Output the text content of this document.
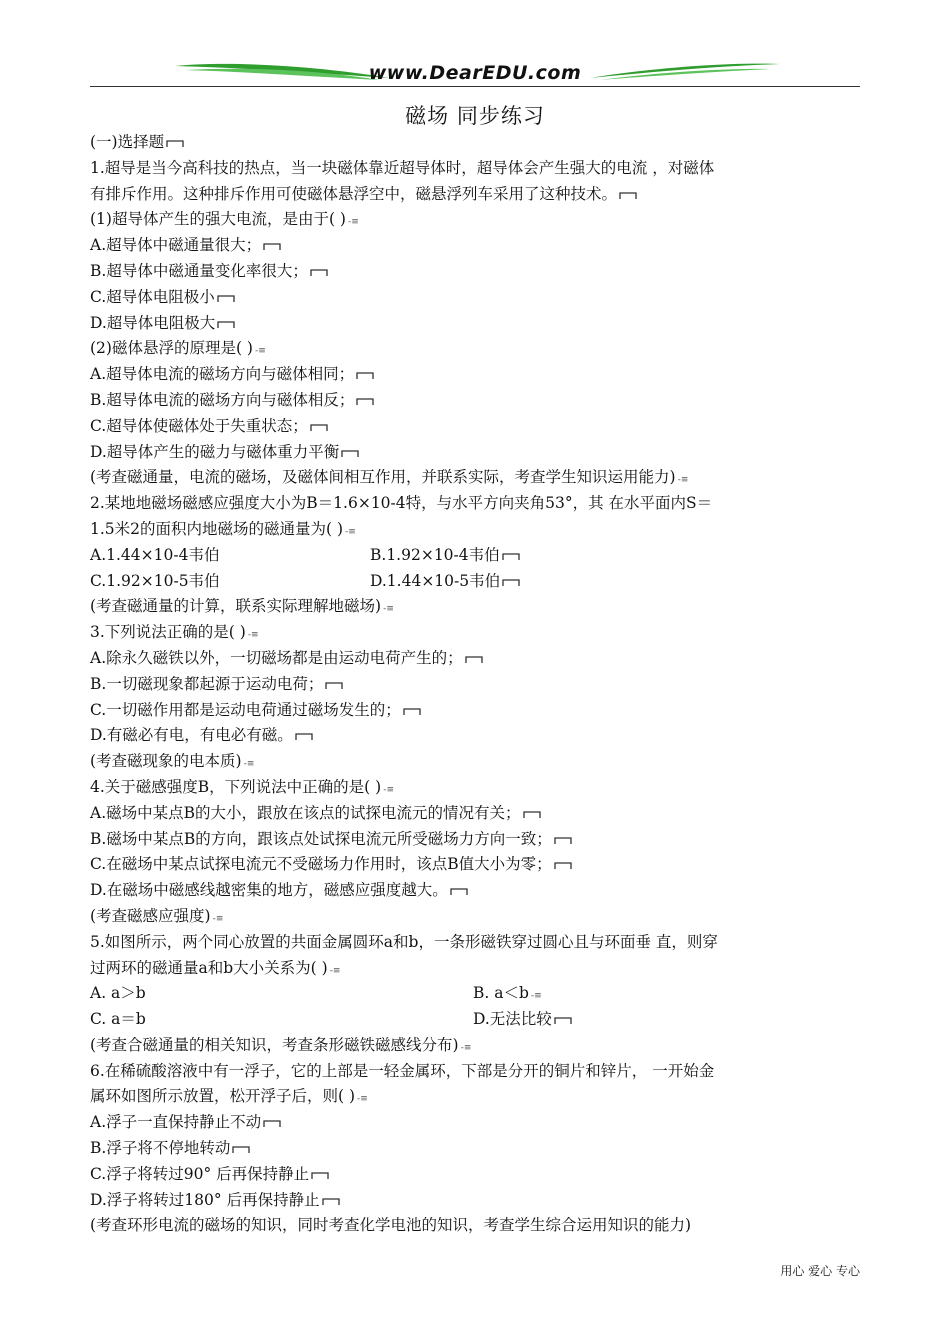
www.DearEDU.com
磁场 同步练习
(一)选择题
1.超导是当今高科技的热点，当一块磁体靠近超导体时，超导体会产生强大的电流 ，对磁体
有排斥作用。这种排斥作用可使磁体悬浮空中，磁悬浮列车采用了这种技术。
(1)超导体产生的强大电流，是由于( ) -≡
A.超导体中磁通量很大；
B.超导体中磁通量变化率很大；
C.超导体电阻极小
D.超导体电阻极大
(2)磁体悬浮的原理是( ) -≡
A.超导体电流的磁场方向与磁体相同；
B.超导体电流的磁场方向与磁体相反；
C.超导体使磁体处于失重状态；
D.超导体产生的磁力与磁体重力平衡
(考查磁通量，电流的磁场，及磁体间相互作用，并联系实际，考查学生知识运用能力) -≡
2.某地地磁场磁感应强度大小为B＝1.6×10-4特，与水平方向夹角53°，其 在水平面内S＝
1.5米2的面积内地磁场的磁通量为( ) -≡
A.1.44×10-4韦伯	B.1.92×10-4韦伯
C.1.92×10-5韦伯	D.1.44×10-5韦伯
(考查磁通量的计算，联系实际理解地磁场) -≡
3.下列说法正确的是( ) -≡
A.除永久磁铁以外，一切磁场都是由运动电荷产生的；
B.一切磁现象都起源于运动电荷；
C.一切磁作用都是运动电荷通过磁场发生的；
D.有磁必有电，有电必有磁。
(考查磁现象的电本质) -≡
4.关于磁感强度B，下列说法中正确的是( ) -≡
A.磁场中某点B的大小，跟放在该点的试探电流元的情况有关；
B.磁场中某点B的方向，跟该点处试探电流元所受磁场力方向一致；
C.在磁场中某点试探电流元不受磁场力作用时，该点B值大小为零；
D.在磁场中磁感线越密集的地方，磁感应强度越大。
(考查磁感应强度) -≡
5.如图所示，两个同心放置的共面金属圆环a和b，一条形磁铁穿过圆心且与环面垂 直，则穿
过两环的磁通量a和b大小关系为( ) -≡
A. a＞b	B. a＜b -≡
C. a＝b	D.无法比较
(考查合磁通量的相关知识，考查条形磁铁磁感线分布) -≡
6.在稀硫酸溶液中有一浮子，它的上部是一轻金属环，下部是分开的铜片和锌片， 一开始金
属环如图所示放置，松开浮子后，则( ) -≡
A.浮子一直保持静止不动
B.浮子将不停地转动
C.浮子将转过90° 后再保持静止
D.浮子将转过180° 后再保持静止
(考查环形电流的磁场的知识，同时考查化学电池的知识，考查学生综合运用知识的能力)
用心 爱心 专心
